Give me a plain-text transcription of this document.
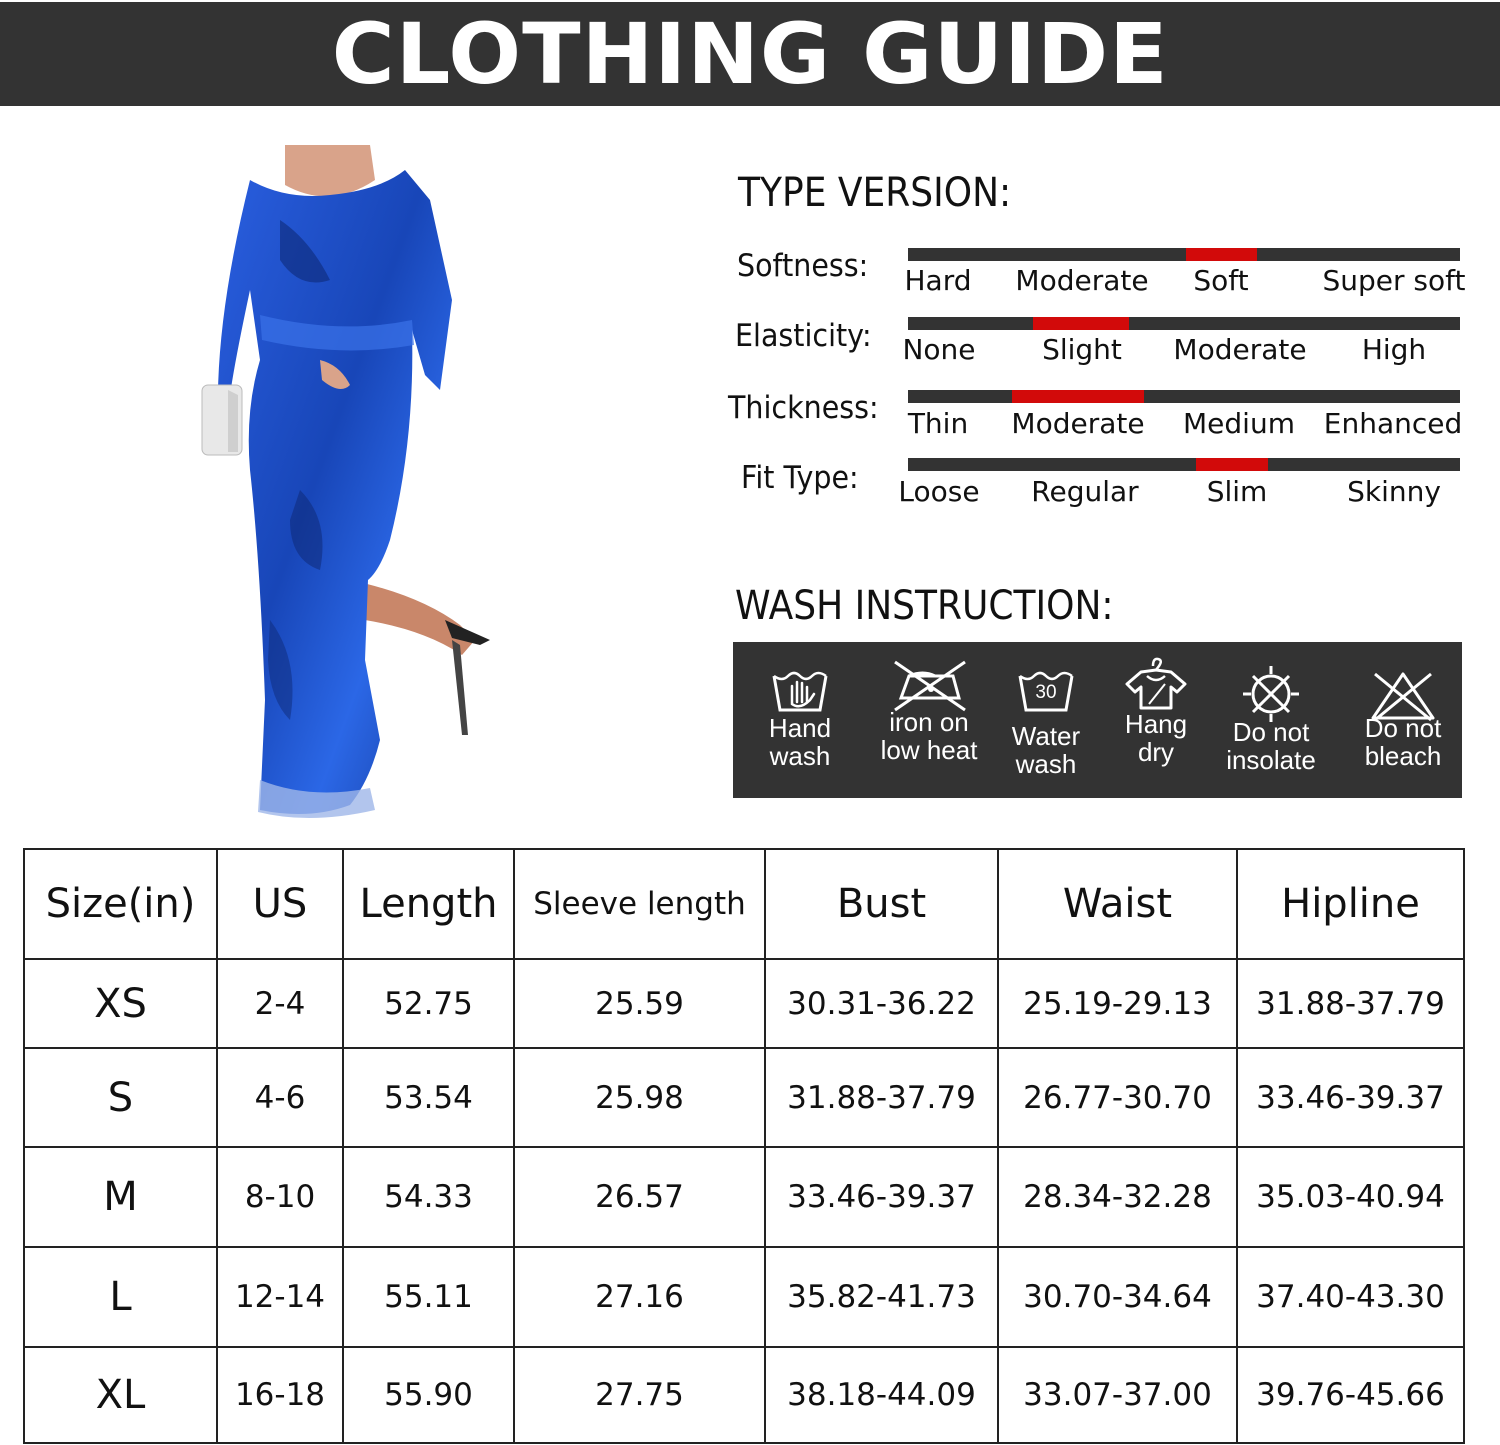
CLOTHING GUIDE
TYPE VERSION:
Softness: Hard Moderate Soft	Super soft
Elasticity: None Slight Moderate High
Thickness: Thin Moderate Medium Enhanced
Fit Type: Loose Regular Slim	Skinny
WASH INSTRUCTION:
Hand
wash
iron on
low heat
30
Water
wash
Hang
dry
Do not
insolate
Do not
bleach
Size(in)	US	Length	Sleeve length	Bust	Waist	Hipline
XS	2-4	52.75	25.59	30.31-36.22	25.19-29.13	31.88-37.79
S	4-6	53.54	25.98	31.88-37.79	26.77-30.70	33.46-39.37
M	8-10	54.33	26.57	33.46-39.37	28.34-32.28	35.03-40.94
L	12-14	55.11	27.16	35.82-41.73	30.70-34.64	37.40-43.30
XL	16-18	55.90	27.75	38.18-44.09	33.07-37.00	39.76-45.66
